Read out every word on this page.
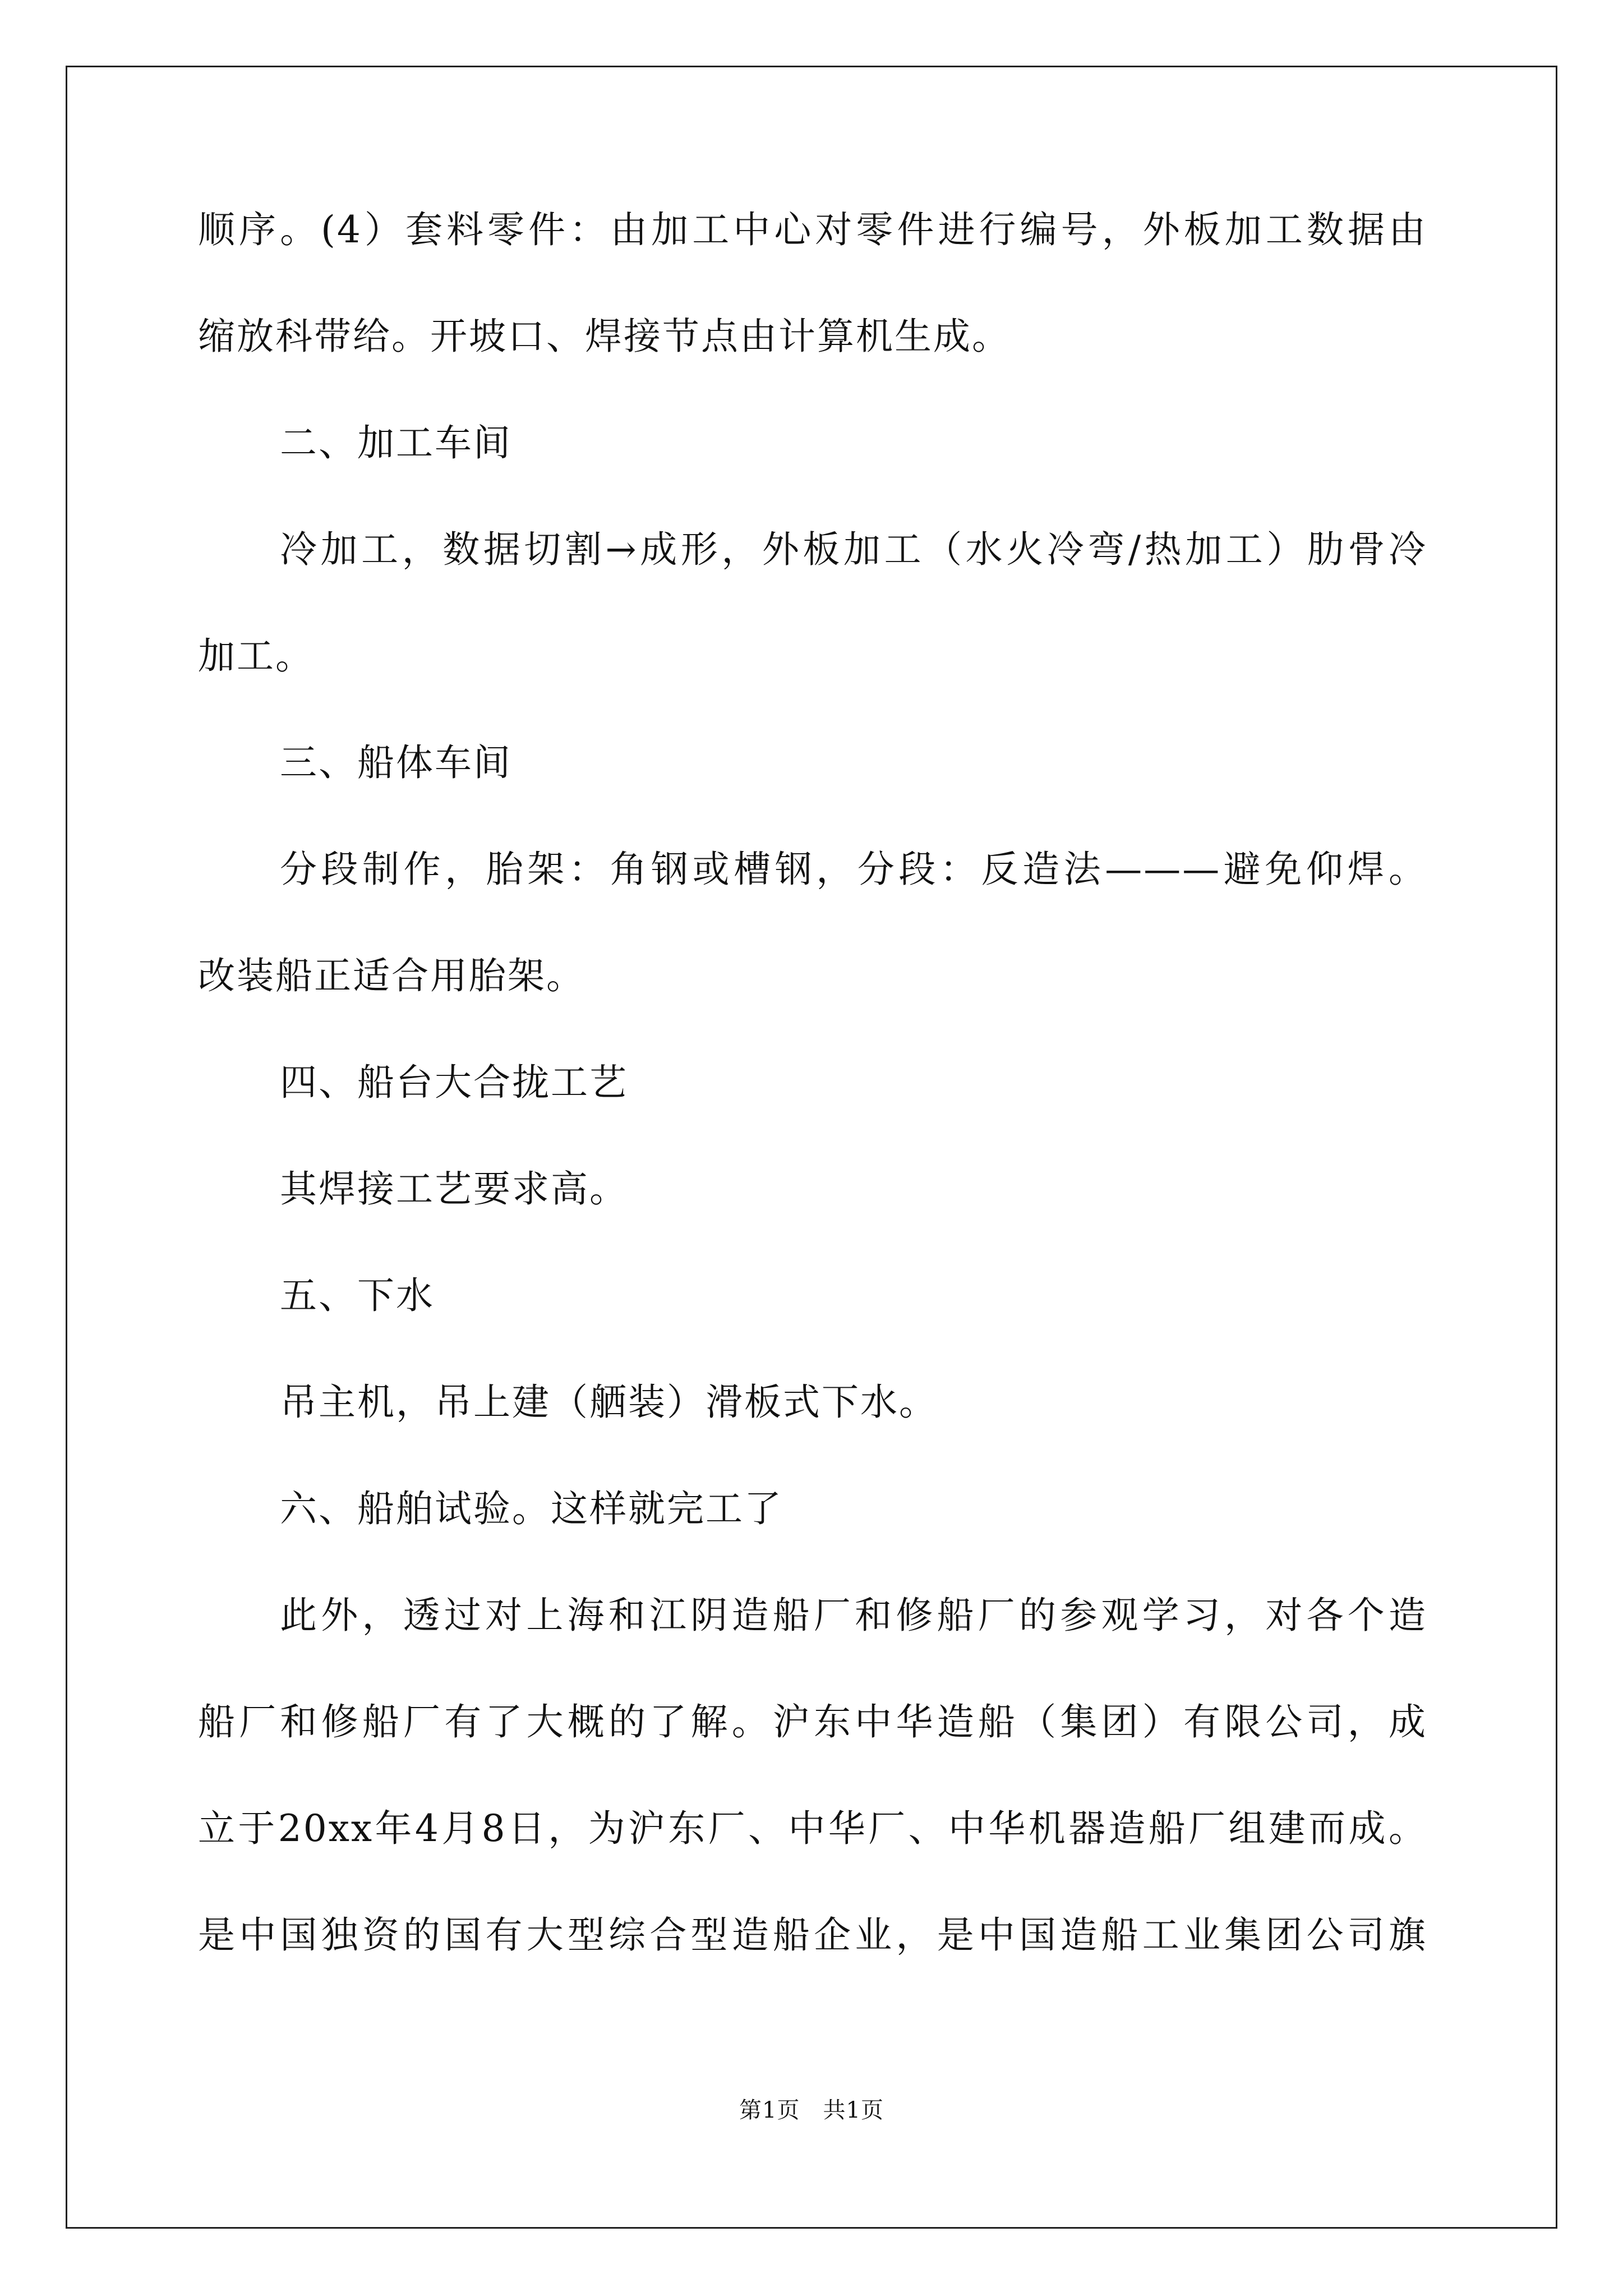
顺序。(4）套料零件：由加工中心对零件进行编号，外板加工数据由
缩放科带给。开坡口、焊接节点由计算机生成。
二、加工车间
冷加工，数据切割→成形，外板加工（水火冷弯/热加工）肋骨冷
加工。
三、船体车间
分段制作，胎架：角钢或槽钢，分段：反造法———避免仰焊。
改装船正适合用胎架。
四、船台大合拢工艺
其焊接工艺要求高。
五、下水
吊主机，吊上建（舾装）滑板式下水。
六、船舶试验。这样就完工了
此外，透过对上海和江阴造船厂和修船厂的参观学习，对各个造
船厂和修船厂有了大概的了解。沪东中华造船（集团）有限公司，成
立于20xx年4月8日，为沪东厂、中华厂、中华机器造船厂组建而成。
是中国独资的国有大型综合型造船企业，是中国造船工业集团公司旗
第1页　共1页
